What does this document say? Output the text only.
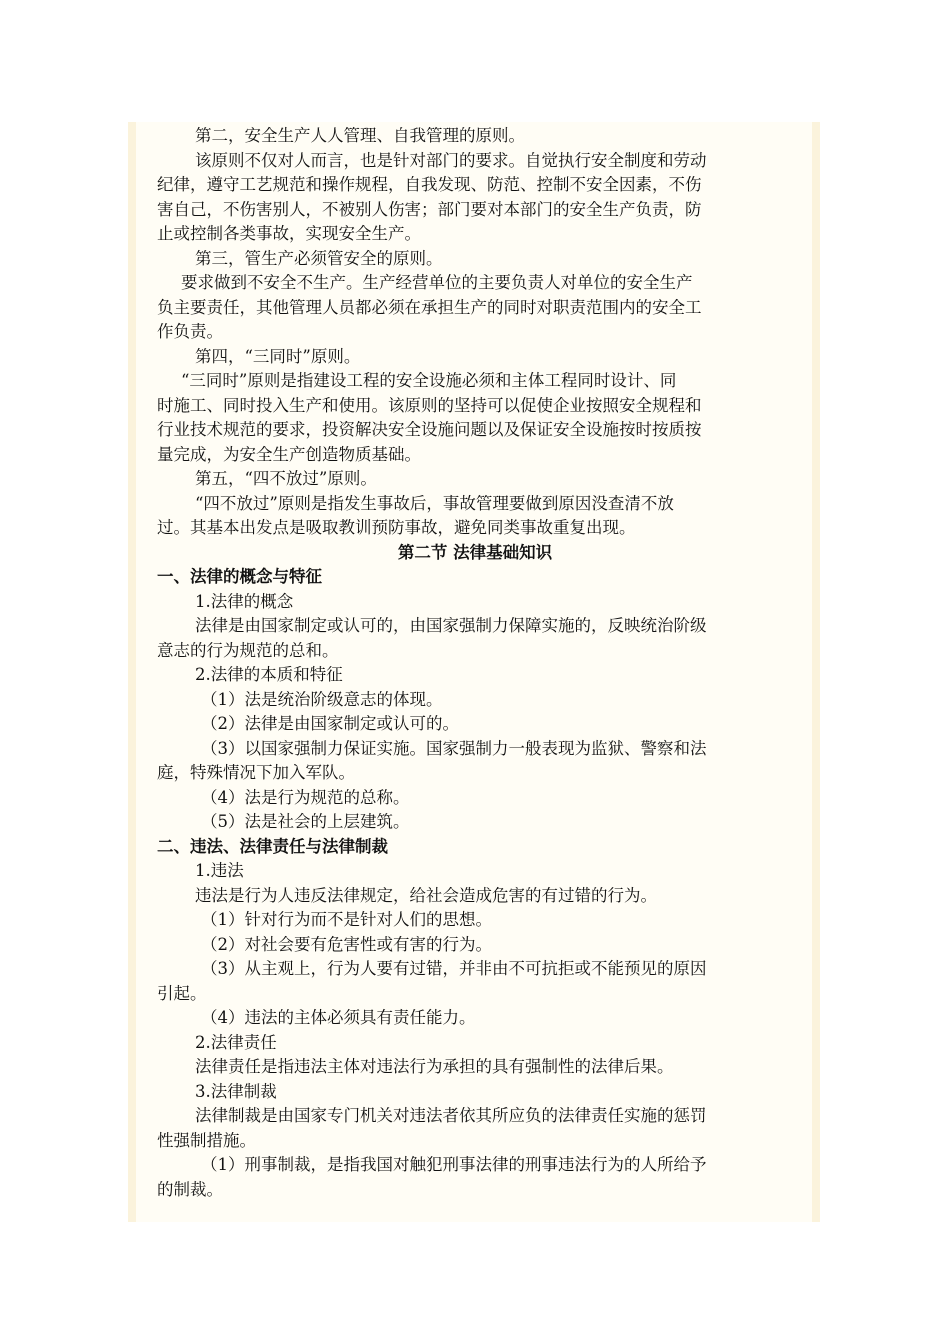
第二，安全生产人人管理、自我管理的原则。
该原则不仅对人而言，也是针对部门的要求。自觉执行安全制度和劳动
纪律，遵守工艺规范和操作规程，自我发现、防范、控制不安全因素，不伤
害自己，不伤害别人，不被别人伤害；部门要对本部门的安全生产负责，防
止或控制各类事故，实现安全生产。
第三，管生产必须管安全的原则。
要求做到不安全不生产。生产经营单位的主要负责人对单位的安全生产
负主要责任，其他管理人员都必须在承担生产的同时对职责范围内的安全工
作负责。
第四，“三同时”原则。
“三同时”原则是指建设工程的安全设施必须和主体工程同时设计、同
时施工、同时投入生产和使用。该原则的坚持可以促使企业按照安全规程和
行业技术规范的要求，投资解决安全设施问题以及保证安全设施按时按质按
量完成，为安全生产创造物质基础。
第五，“四不放过”原则。
“四不放过”原则是指发生事故后，事故管理要做到原因没查清不放
过。其基本出发点是吸取教训预防事故，避免同类事故重复出现。
第二节 法律基础知识
一、法律的概念与特征
1.法律的概念
法律是由国家制定或认可的，由国家强制力保障实施的，反映统治阶级
意志的行为规范的总和。
2.法律的本质和特征
（1）法是统治阶级意志的体现。
（2）法律是由国家制定或认可的。
（3）以国家强制力保证实施。国家强制力一般表现为监狱、警察和法
庭，特殊情况下加入军队。
（4）法是行为规范的总称。
（5）法是社会的上层建筑。
二、违法、法律责任与法律制裁
1.违法
违法是行为人违反法律规定，给社会造成危害的有过错的行为。
（1）针对行为而不是针对人们的思想。
（2）对社会要有危害性或有害的行为。
（3）从主观上，行为人要有过错，并非由不可抗拒或不能预见的原因
引起。
（4）违法的主体必须具有责任能力。
2.法律责任
法律责任是指违法主体对违法行为承担的具有强制性的法律后果。
3.法律制裁
法律制裁是由国家专门机关对违法者依其所应负的法律责任实施的惩罚
性强制措施。
（1）刑事制裁，是指我国对触犯刑事法律的刑事违法行为的人所给予
的制裁。
